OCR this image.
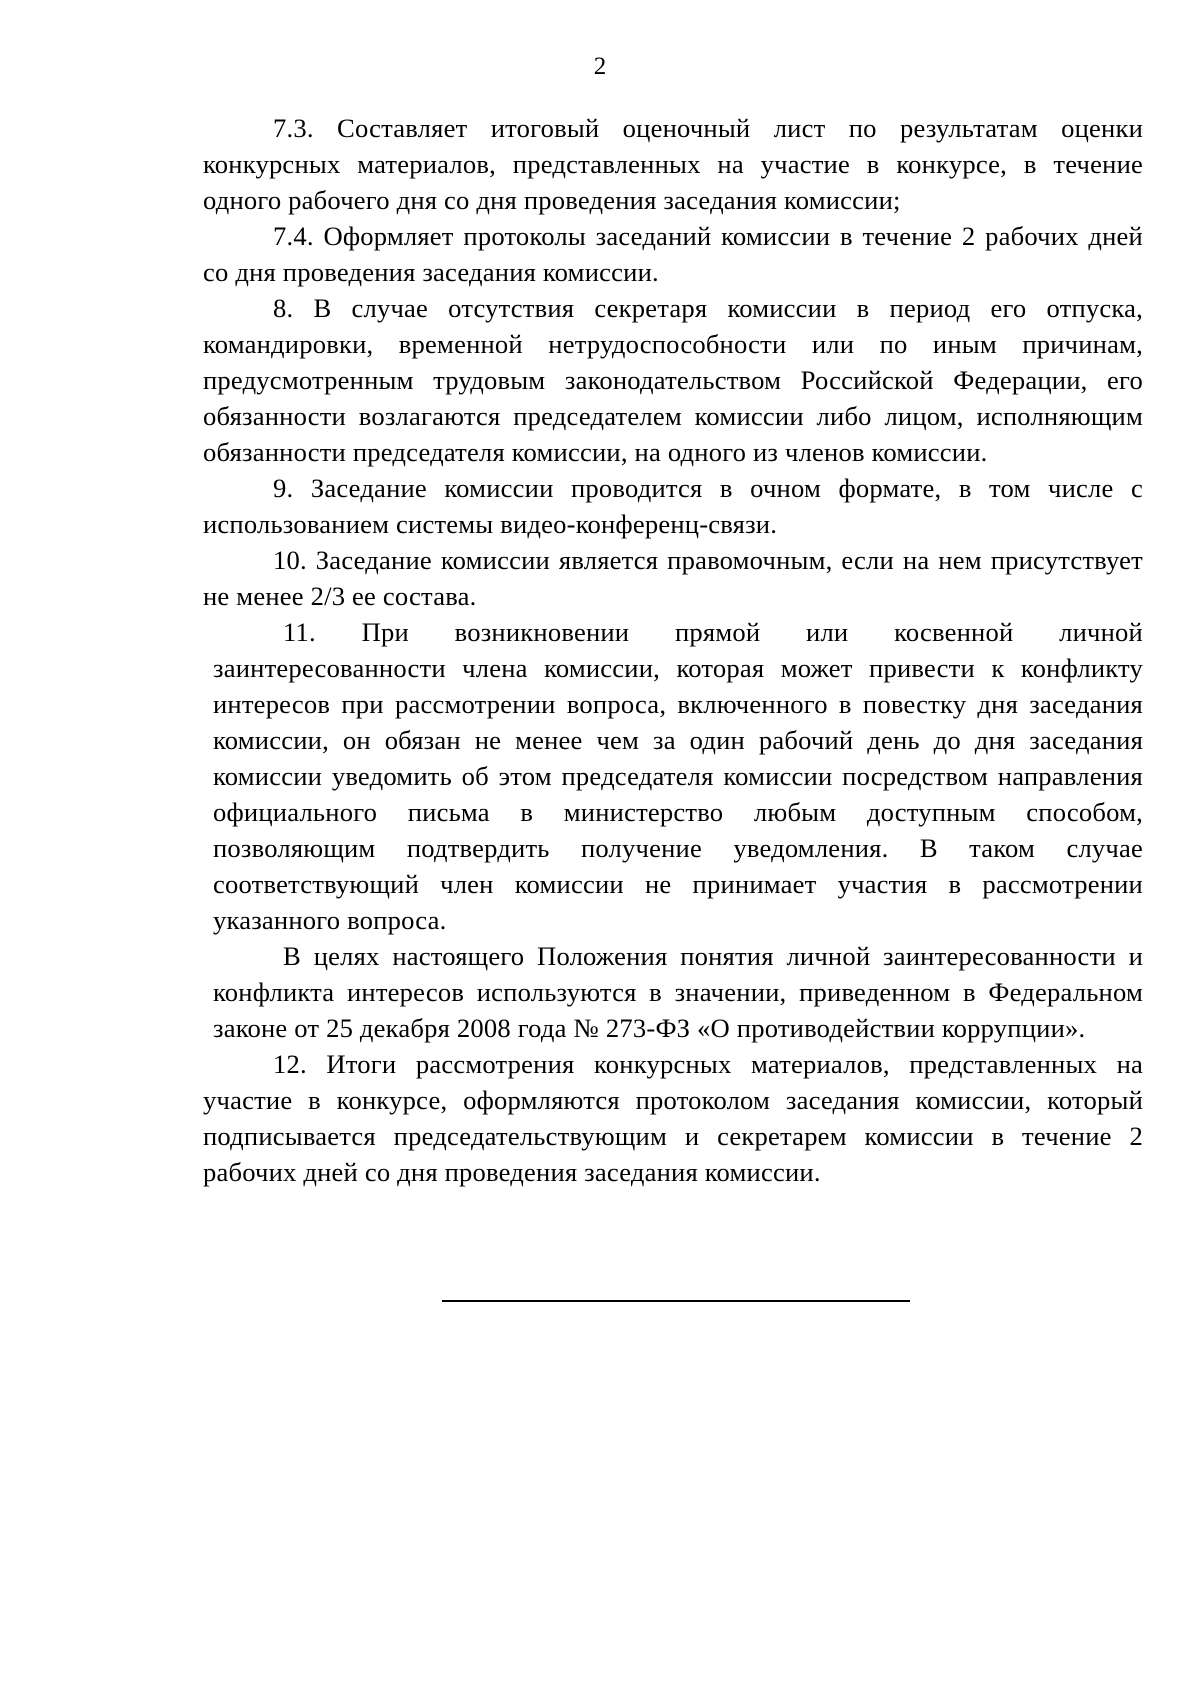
2

7.3. Составляет итоговый оценочный лист по результатам оценки конкурсных материалов, представленных на участие в конкурсе, в течение одного рабочего дня со дня проведения заседания комиссии;

7.4. Оформляет протоколы заседаний комиссии в течение 2 рабочих дней со дня проведения заседания комиссии.

8. В случае отсутствия секретаря комиссии в период его отпуска, командировки, временной нетрудоспособности или по иным причинам, предусмотренным трудовым законодательством Российской Федерации, его обязанности возлагаются председателем комиссии либо лицом, исполняющим обязанности председателя комиссии, на одного из членов комиссии.

9. Заседание комиссии проводится в очном формате, в том числе с использованием системы видео-конференц-связи.

10. Заседание комиссии является правомочным, если на нем присутствует не менее 2/3 ее состава.

11. При возникновении прямой или косвенной личной заинтересованности члена комиссии, которая может привести к конфликту интересов при рассмотрении вопроса, включенного в повестку дня заседания комиссии, он обязан не менее чем за один рабочий день до дня заседания комиссии уведомить об этом председателя комиссии посредством направления официального письма в министерство любым доступным способом, позволяющим подтвердить получение уведомления. В таком случае соответствующий член комиссии не принимает участия в рассмотрении указанного вопроса.

В целях настоящего Положения понятия личной заинтересованности и конфликта интересов используются в значении, приведенном в Федеральном законе от 25 декабря 2008 года № 273-ФЗ «О противодействии коррупции».

12. Итоги рассмотрения конкурсных материалов, представленных на участие в конкурсе, оформляются протоколом заседания комиссии, который подписывается председательствующим и секретарем комиссии в течение 2 рабочих дней со дня проведения заседания комиссии.
